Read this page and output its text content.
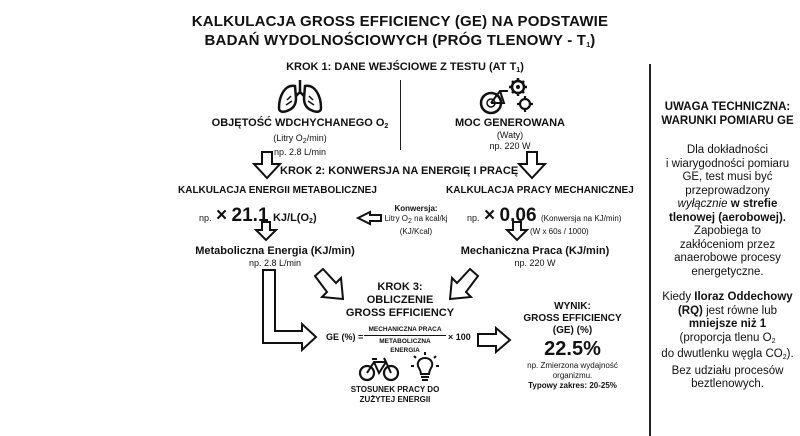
KALKULACJA GROSS EFFICIENCY (GE) NA PODSTAWIE
BADAŃ WYDOLNOŚCIOWYCH (PRÓG TLENOWY - $T_1$)
KROK 1: DANE WEJŚCIOWE Z TESTU (AT $T_1$)
OBJĘTOŚĆ WDCHYCHANEGO $O_2$
(Litry $O_2/\min$)
np. 2.8 L/min
MOC GENEROWANA
(Waty)
np. 220 W
KROK 2: KONWERSJA NA ENERGIĘ I PRACĘ
KALKULACJA ENERGII METABOLICZNEJ
np. × 21.1 $KJ/L(O_2)$
Konwersja:
Litry $O_2$ na kcal/kj
(KJ/Kcal)
Metaboliczna Energia (KJ/min)
np. 2.8 L/min
KALKULACJA PRACY MECHANICZNEJ
np. × 0.06 (Konwersja na KJ/min)
(W x 60s / 1000)
Mechaniczna Praca (KJ/min)
np. 220 W
KROK 3:
OBLICZENIE
GROSS EFFICIENCY
GE (%) =
MECHANICZNA PRACA
METABOLICZNA ENERGIA
× 100
STOSUNEK PRACY DO
ZUŻYTEJ ENERGII
WYNIK:
GROSS EFFICIENCY
(GE) (%)
22.5%
np. Zmierzona wydajność
organizmu.
Typowy zakres: 20-25%
UWAGA TECHNICZNA:
WARUNKI POMIARU GE
Dla dokładności
i wiarygodności pomiaru
GE, test musi być
przeprowadzony
wyłącznie w strefie
tlenowej (aerobowej).
Zapobiega to
zakłóceniom przez
anaerobowe procesy
energetyczne.
Kiedy Iloraz Oddechowy
(RQ) jest równe lub
mniejsze niż 1
(proporcja tlenu $O_2$
do dwutlenku węgla $CO_2$).
Bez udziału procesów
beztlenowych.
